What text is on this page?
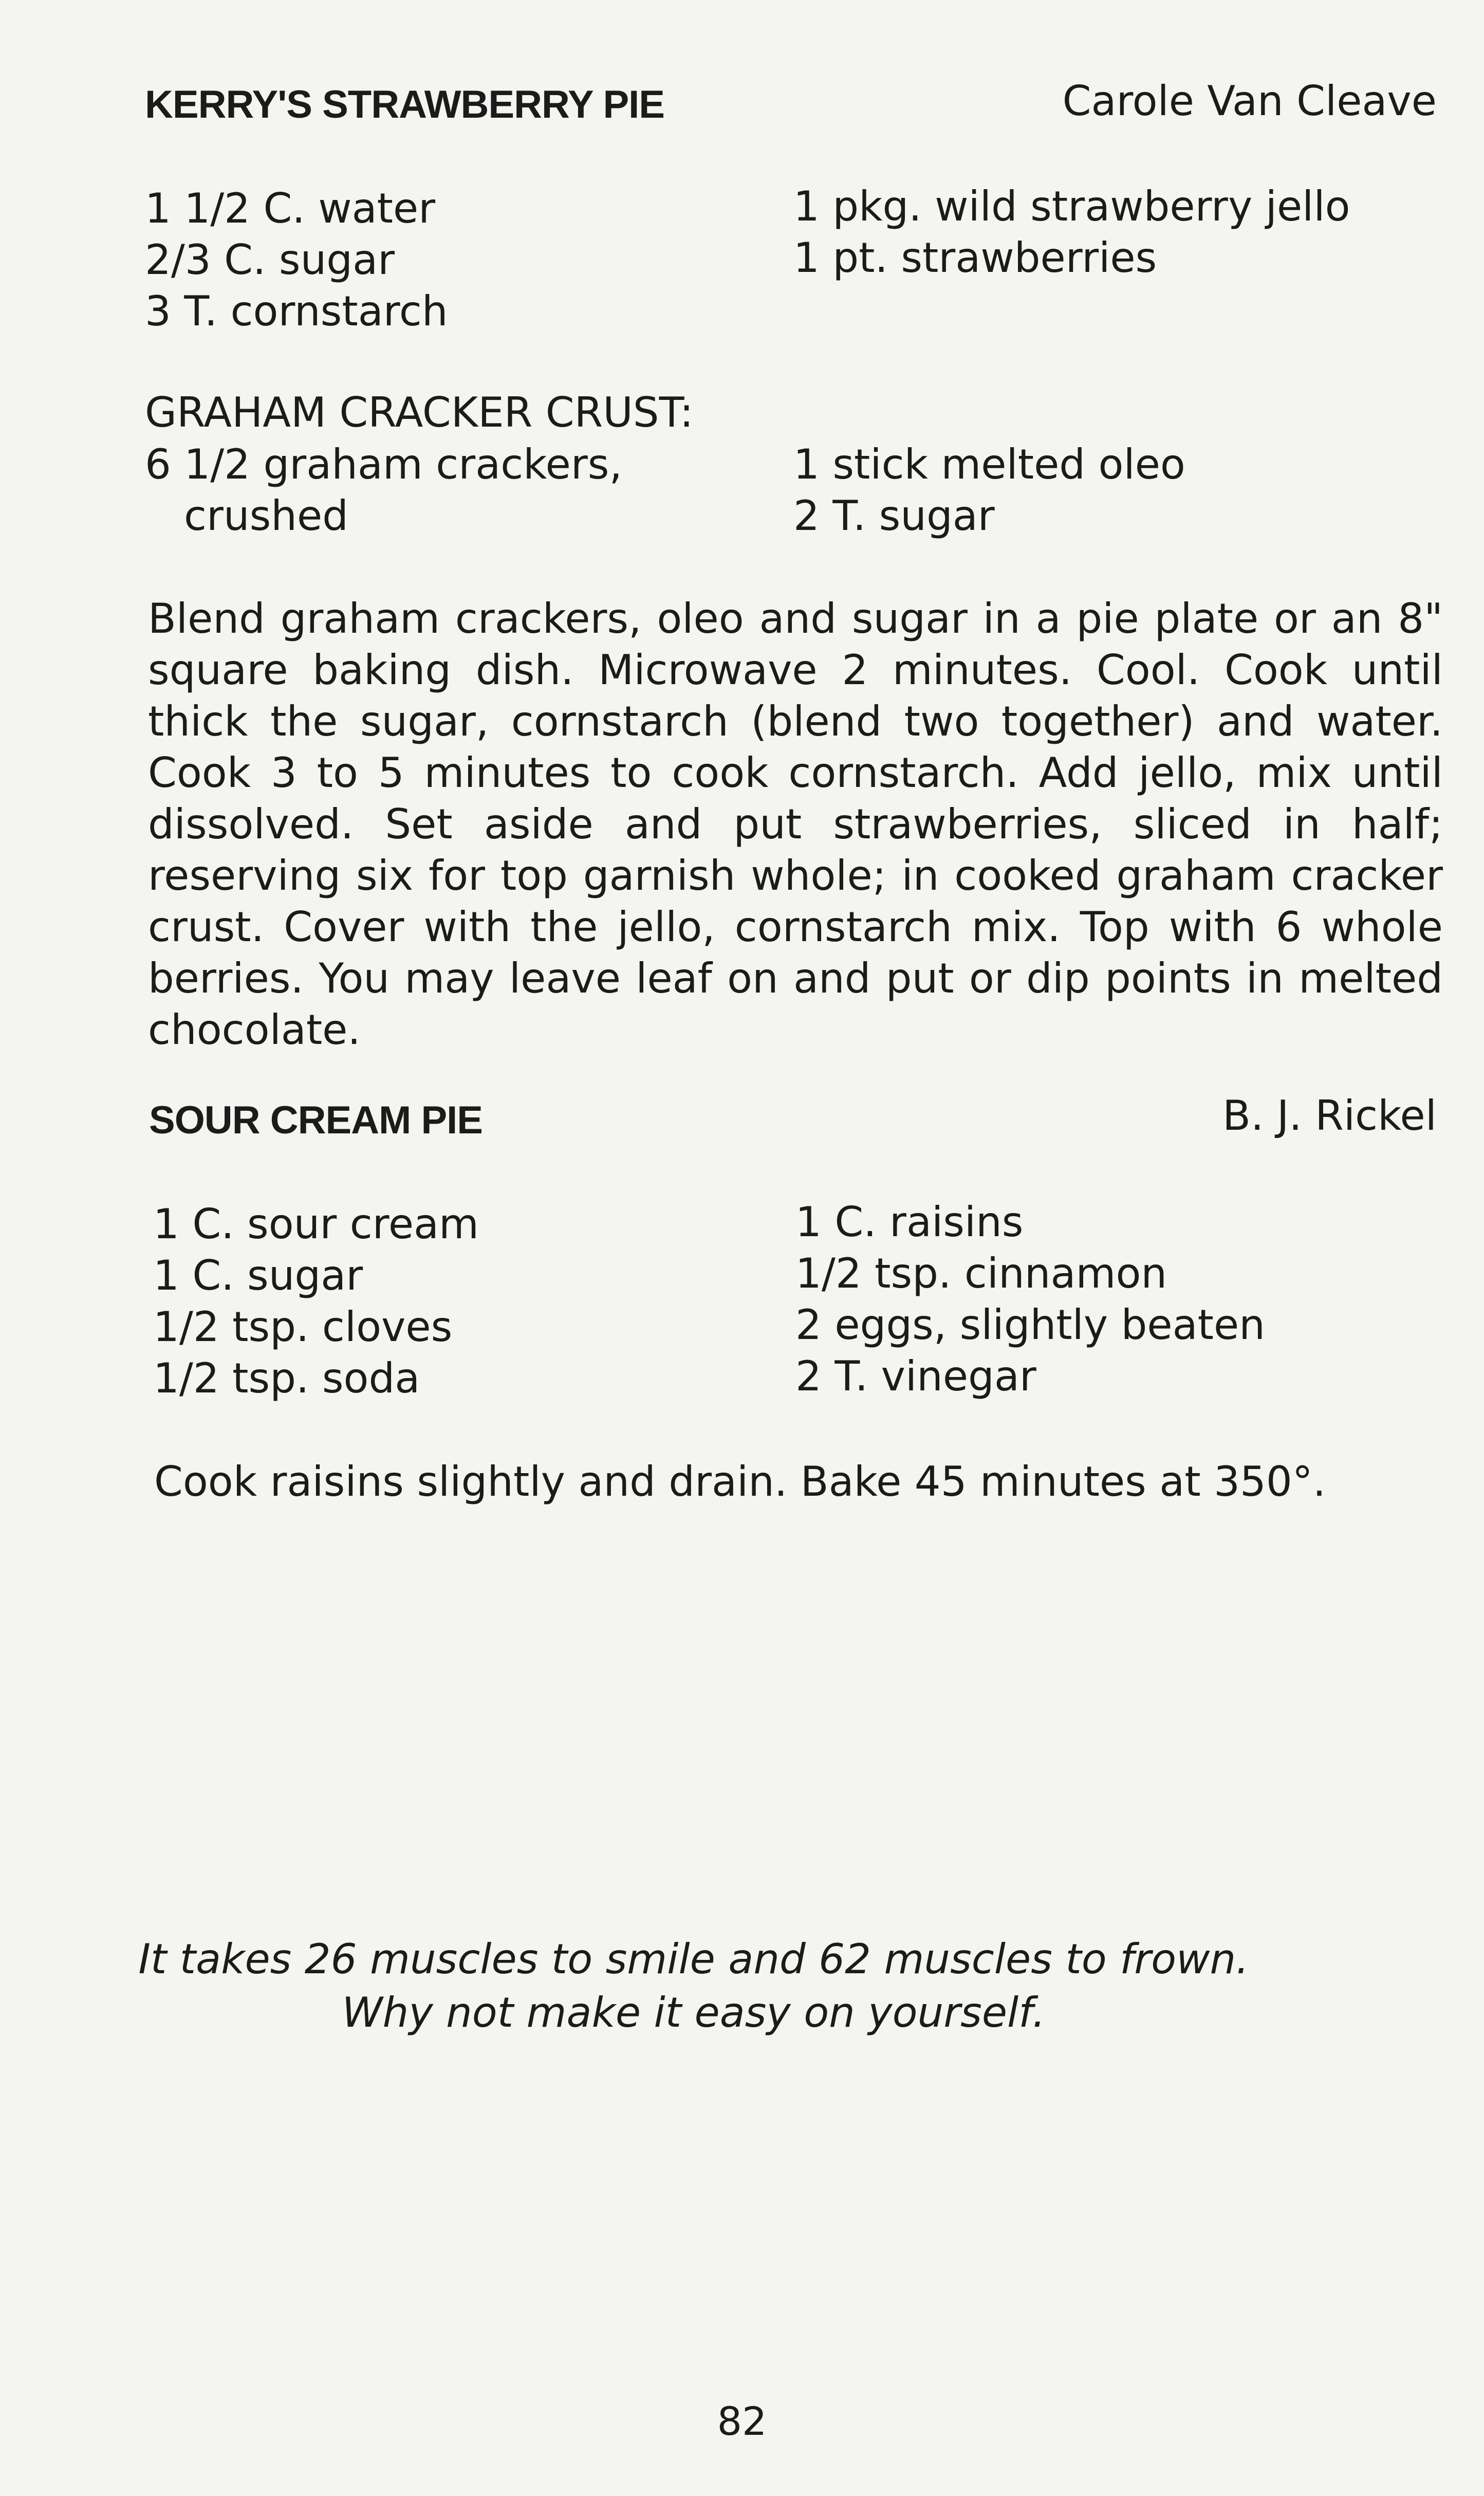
KERRY'S STRAWBERRY PIE	Carole Van Cleave
1 1/2 C. water
2/3 C. sugar
3 T. cornstarch
1 pkg. wild strawberry jello
1 pt. strawberries
GRAHAM CRACKER CRUST:
6 1/2 graham crackers,
crushed
1 stick melted oleo
2 T. sugar
Blend graham crackers, oleo and sugar in a pie plate or an 8" square baking dish. Microwave 2 minutes. Cool. Cook until thick the sugar, cornstarch (blend two together) and water. Cook 3 to 5 minutes to cook cornstarch. Add jello, mix until dissolved. Set aside and put strawberries, sliced in half; reserving six for top garnish whole; in cooked graham cracker crust. Cover with the jello, cornstarch mix. Top with 6 whole berries. You may leave leaf on and put or dip points in melted chocolate.
SOUR CREAM PIE	B. J. Rickel
1 C. sour cream
1 C. sugar
1/2 tsp. cloves
1/2 tsp. soda
1 C. raisins
1/2 tsp. cinnamon
2 eggs, slightly beaten
2 T. vinegar
Cook raisins slightly and drain. Bake 45 minutes at 350°.
It takes 26 muscles to smile and 62 muscles to frown.
Why not make it easy on yourself.
82
